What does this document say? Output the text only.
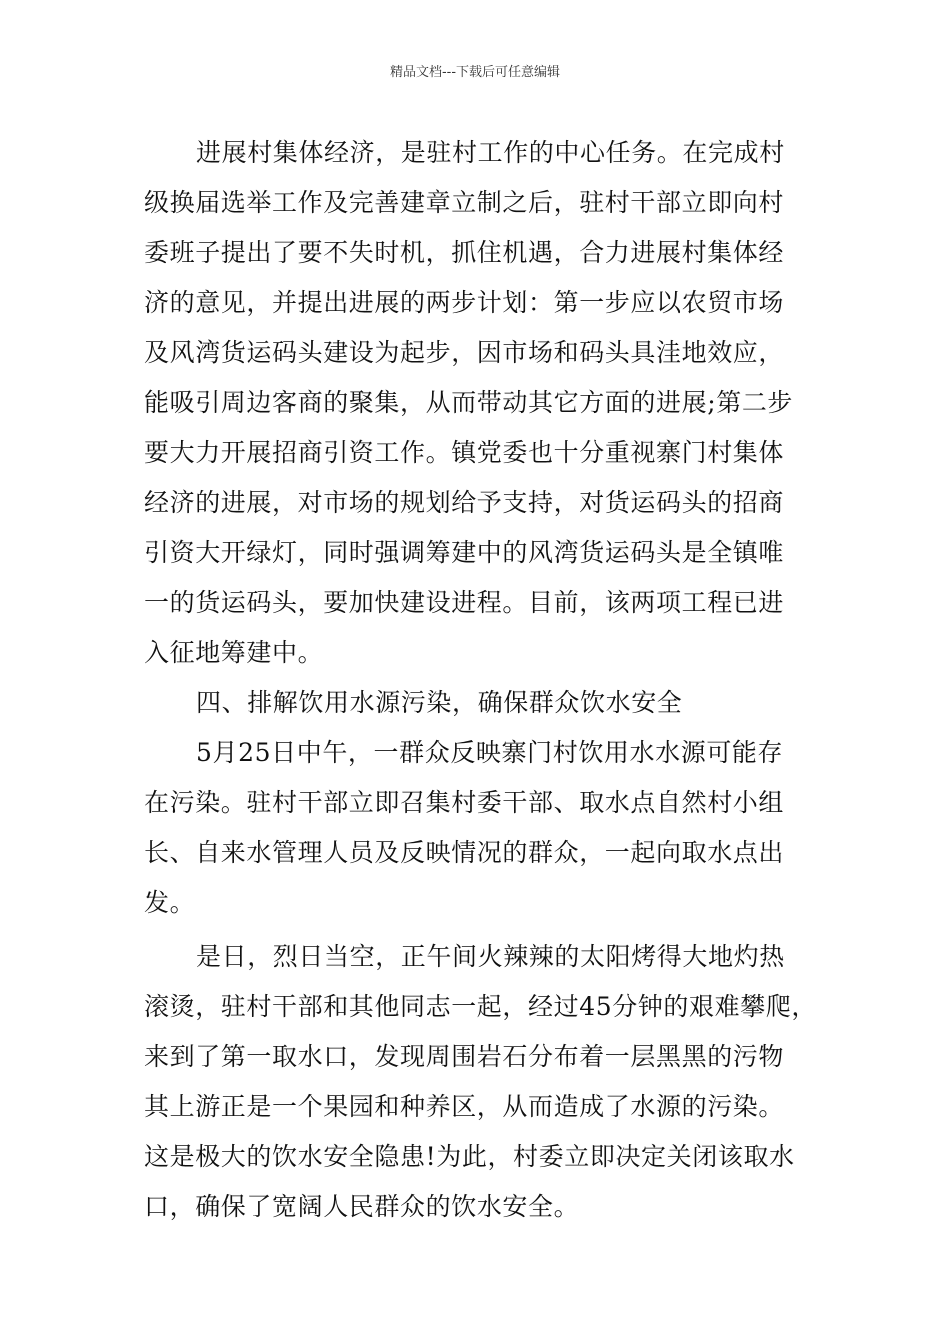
精品文档---下载后可任意编辑
进展村集体经济，是驻村工作的中心任务。在完成村
级换届选举工作及完善建章立制之后，驻村干部立即向村
委班子提出了要不失时机，抓住机遇，合力进展村集体经
济的意见，并提出进展的两步计划：第一步应以农贸市场
及风湾货运码头建设为起步，因市场和码头具洼地效应，
能吸引周边客商的聚集，从而带动其它方面的进展;第二步
要大力开展招商引资工作。镇党委也十分重视寨门村集体
经济的进展，对市场的规划给予支持，对货运码头的招商
引资大开绿灯，同时强调筹建中的风湾货运码头是全镇唯
一的货运码头，要加快建设进程。目前，该两项工程已进
入征地筹建中。
四、排解饮用水源污染，确保群众饮水安全
5月25日中午，一群众反映寨门村饮用水水源可能存
在污染。驻村干部立即召集村委干部、取水点自然村小组
长、自来水管理人员及反映情况的群众，一起向取水点出
发。
是日，烈日当空，正午间火辣辣的太阳烤得大地灼热
滚烫，驻村干部和其他同志一起，经过45分钟的艰难攀爬，
来到了第一取水口，发现周围岩石分布着一层黑黑的污物
其上游正是一个果园和种养区，从而造成了水源的污染。
这是极大的饮水安全隐患!为此，村委立即决定关闭该取水
口，确保了宽阔人民群众的饮水安全。
